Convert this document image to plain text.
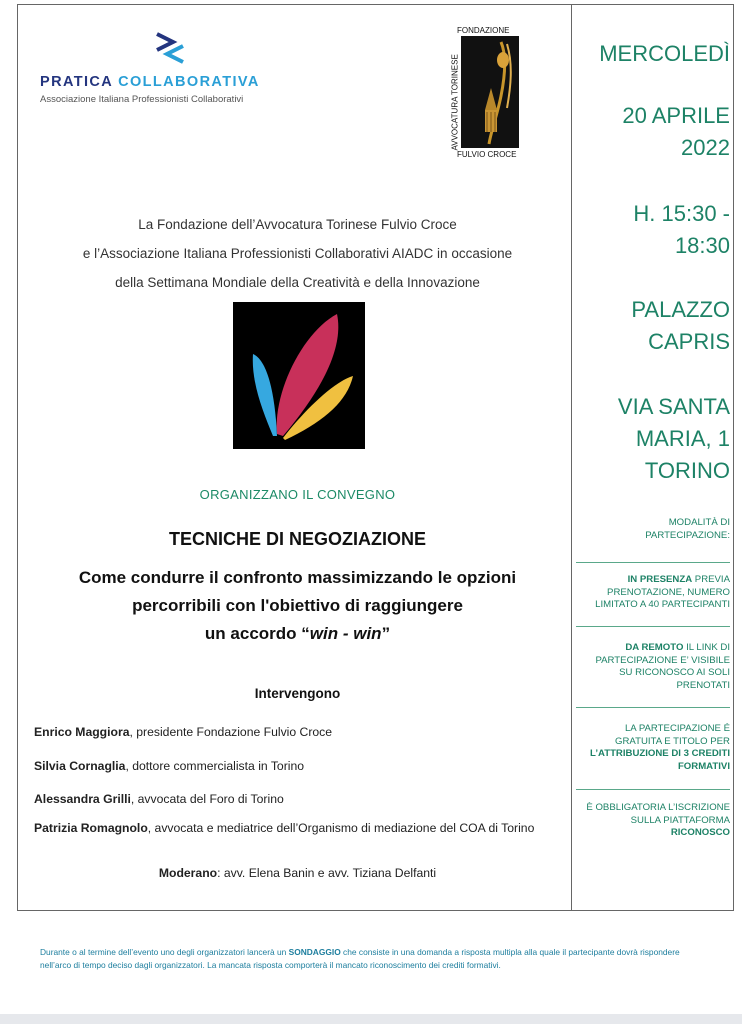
PRATICA COLLABORATIVA
Associazione Italiana Professionisti Collaborativi
FONDAZIONE
AVVOCATURA TORINESE
FULVIO CROCE
La Fondazione dell’Avvocatura Torinese Fulvio Croce
e l’Associazione Italiana Professionisti Collaborativi AIADC in occasione
della Settimana Mondiale della Creatività e della Innovazione
ORGANIZZANO IL CONVEGNO
TECNICHE DI NEGOZIAZIONE
Come condurre il confronto massimizzando le opzioni
percorribili con l'obiettivo di raggiungere
un accordo “win - win”
Intervengono
Enrico Maggiora, presidente Fondazione Fulvio Croce
Silvia Cornaglia, dottore commercialista in Torino
Alessandra Grilli, avvocata del Foro di Torino
Patrizia Romagnolo, avvocata e mediatrice dell’Organismo di mediazione del COA di Torino
Moderano: avv. Elena Banin e avv. Tiziana Delfanti
MERCOLEDÌ
20 APRILE
2022
H. 15:30 -
18:30
PALAZZO
CAPRIS
VIA SANTA
MARIA, 1
TORINO
MODALITÀ DI
PARTECIPAZIONE:
IN PRESENZA PREVIA
PRENOTAZIONE, NUMERO
LIMITATO A 40 PARTECIPANTI
DA REMOTO IL LINK DI
PARTECIPAZIONE E’ VISIBILE
SU RICONOSCO AI SOLI
PRENOTATI
LA PARTECIPAZIONE É
GRATUITA E TITOLO PER
L’ATTRIBUZIONE DI 3 CREDITI
FORMATIVI
È OBBLIGATORIA L’ISCRIZIONE
SULLA PIATTAFORMA
RICONOSCO
Durante o al termine dell’evento uno degli organizzatori lancerà un SONDAGGIO che consiste in una domanda a risposta multipla alla quale il partecipante dovrà rispondere nell’arco di tempo deciso dagli organizzatori. La mancata risposta comporterà il mancato riconoscimento dei crediti formativi.
